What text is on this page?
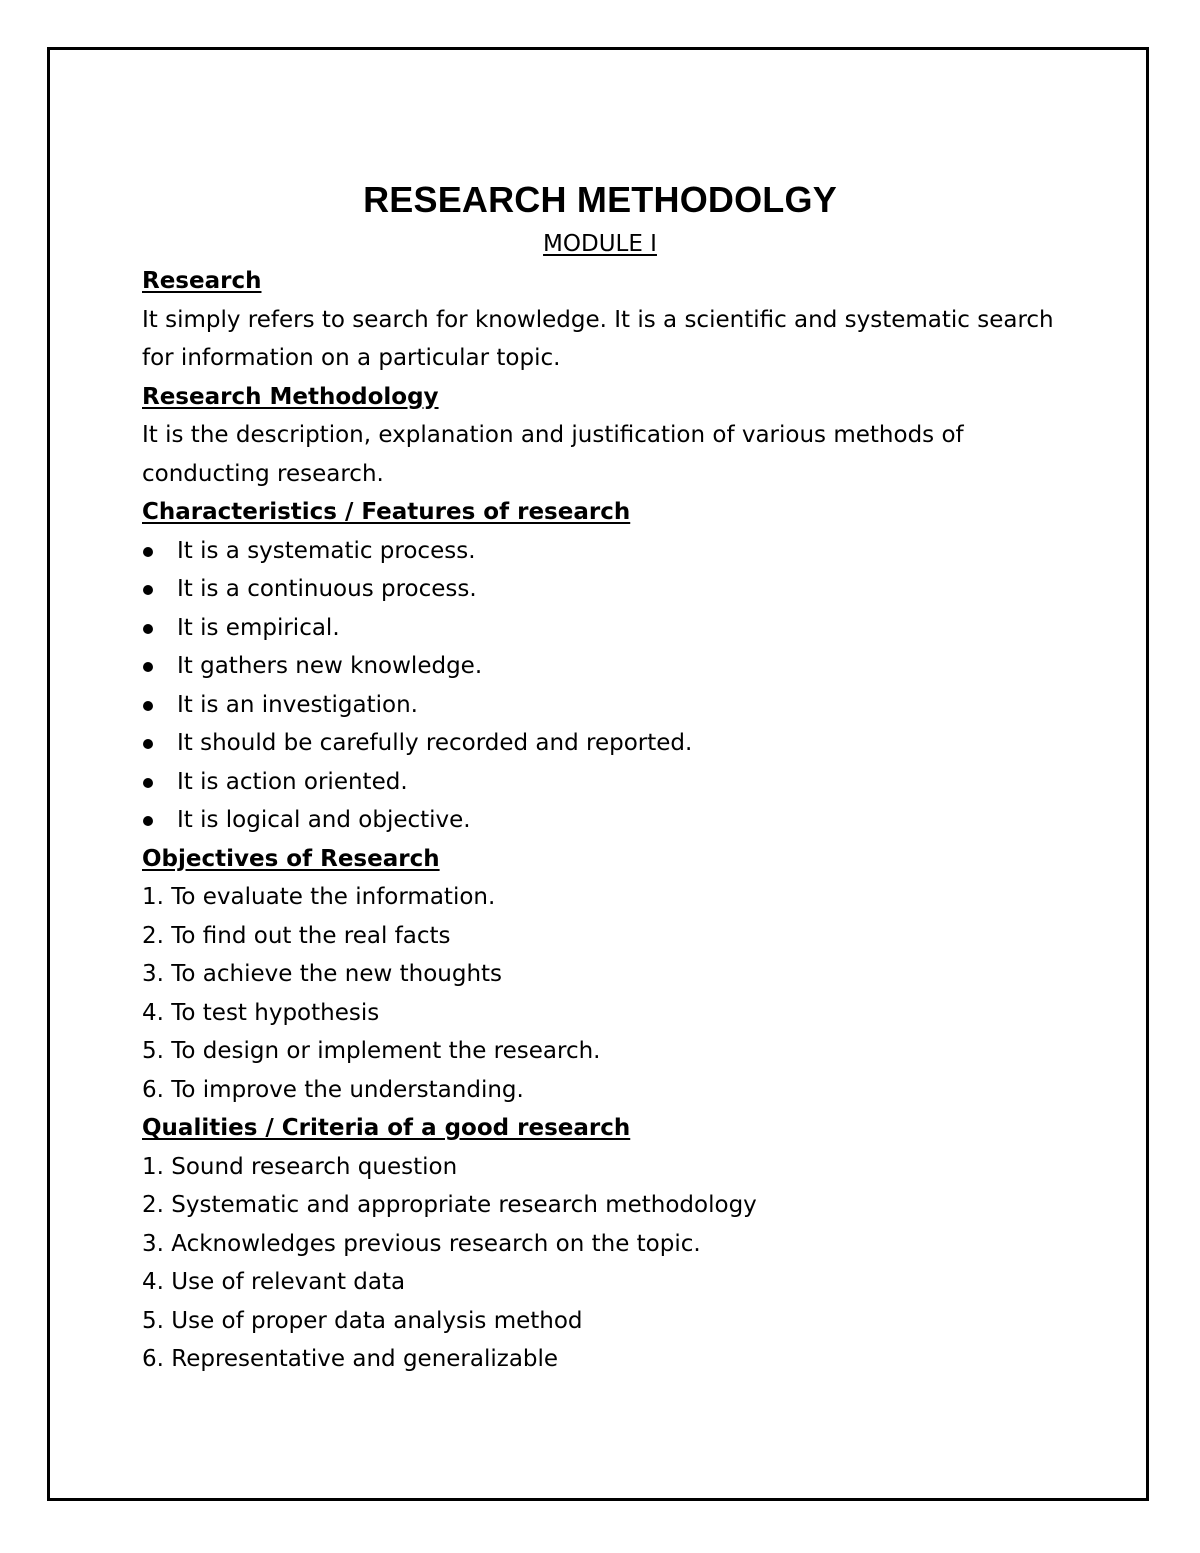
RESEARCH METHODOLGY
MODULE I

Research

It simply refers to search for knowledge. It is a scientific and systematic search for information on a particular topic.

Research Methodology

It is the description, explanation and justification of various methods of conducting research.

Characteristics / Features of research

It is a systematic process.
It is a continuous process.
It is empirical.
It gathers new knowledge.
It is an investigation.
It should be carefully recorded and reported.
It is action oriented.
It is logical and objective.

Objectives of Research

1. To evaluate the information.
2. To find out the real facts
3. To achieve the new thoughts
4. To test hypothesis
5. To design or implement the research.
6. To improve the understanding.

Qualities / Criteria of a good research

1. Sound research question
2. Systematic and appropriate research methodology
3. Acknowledges previous research on the topic.
4. Use of relevant data
5. Use of proper data analysis method
6. Representative and generalizable
